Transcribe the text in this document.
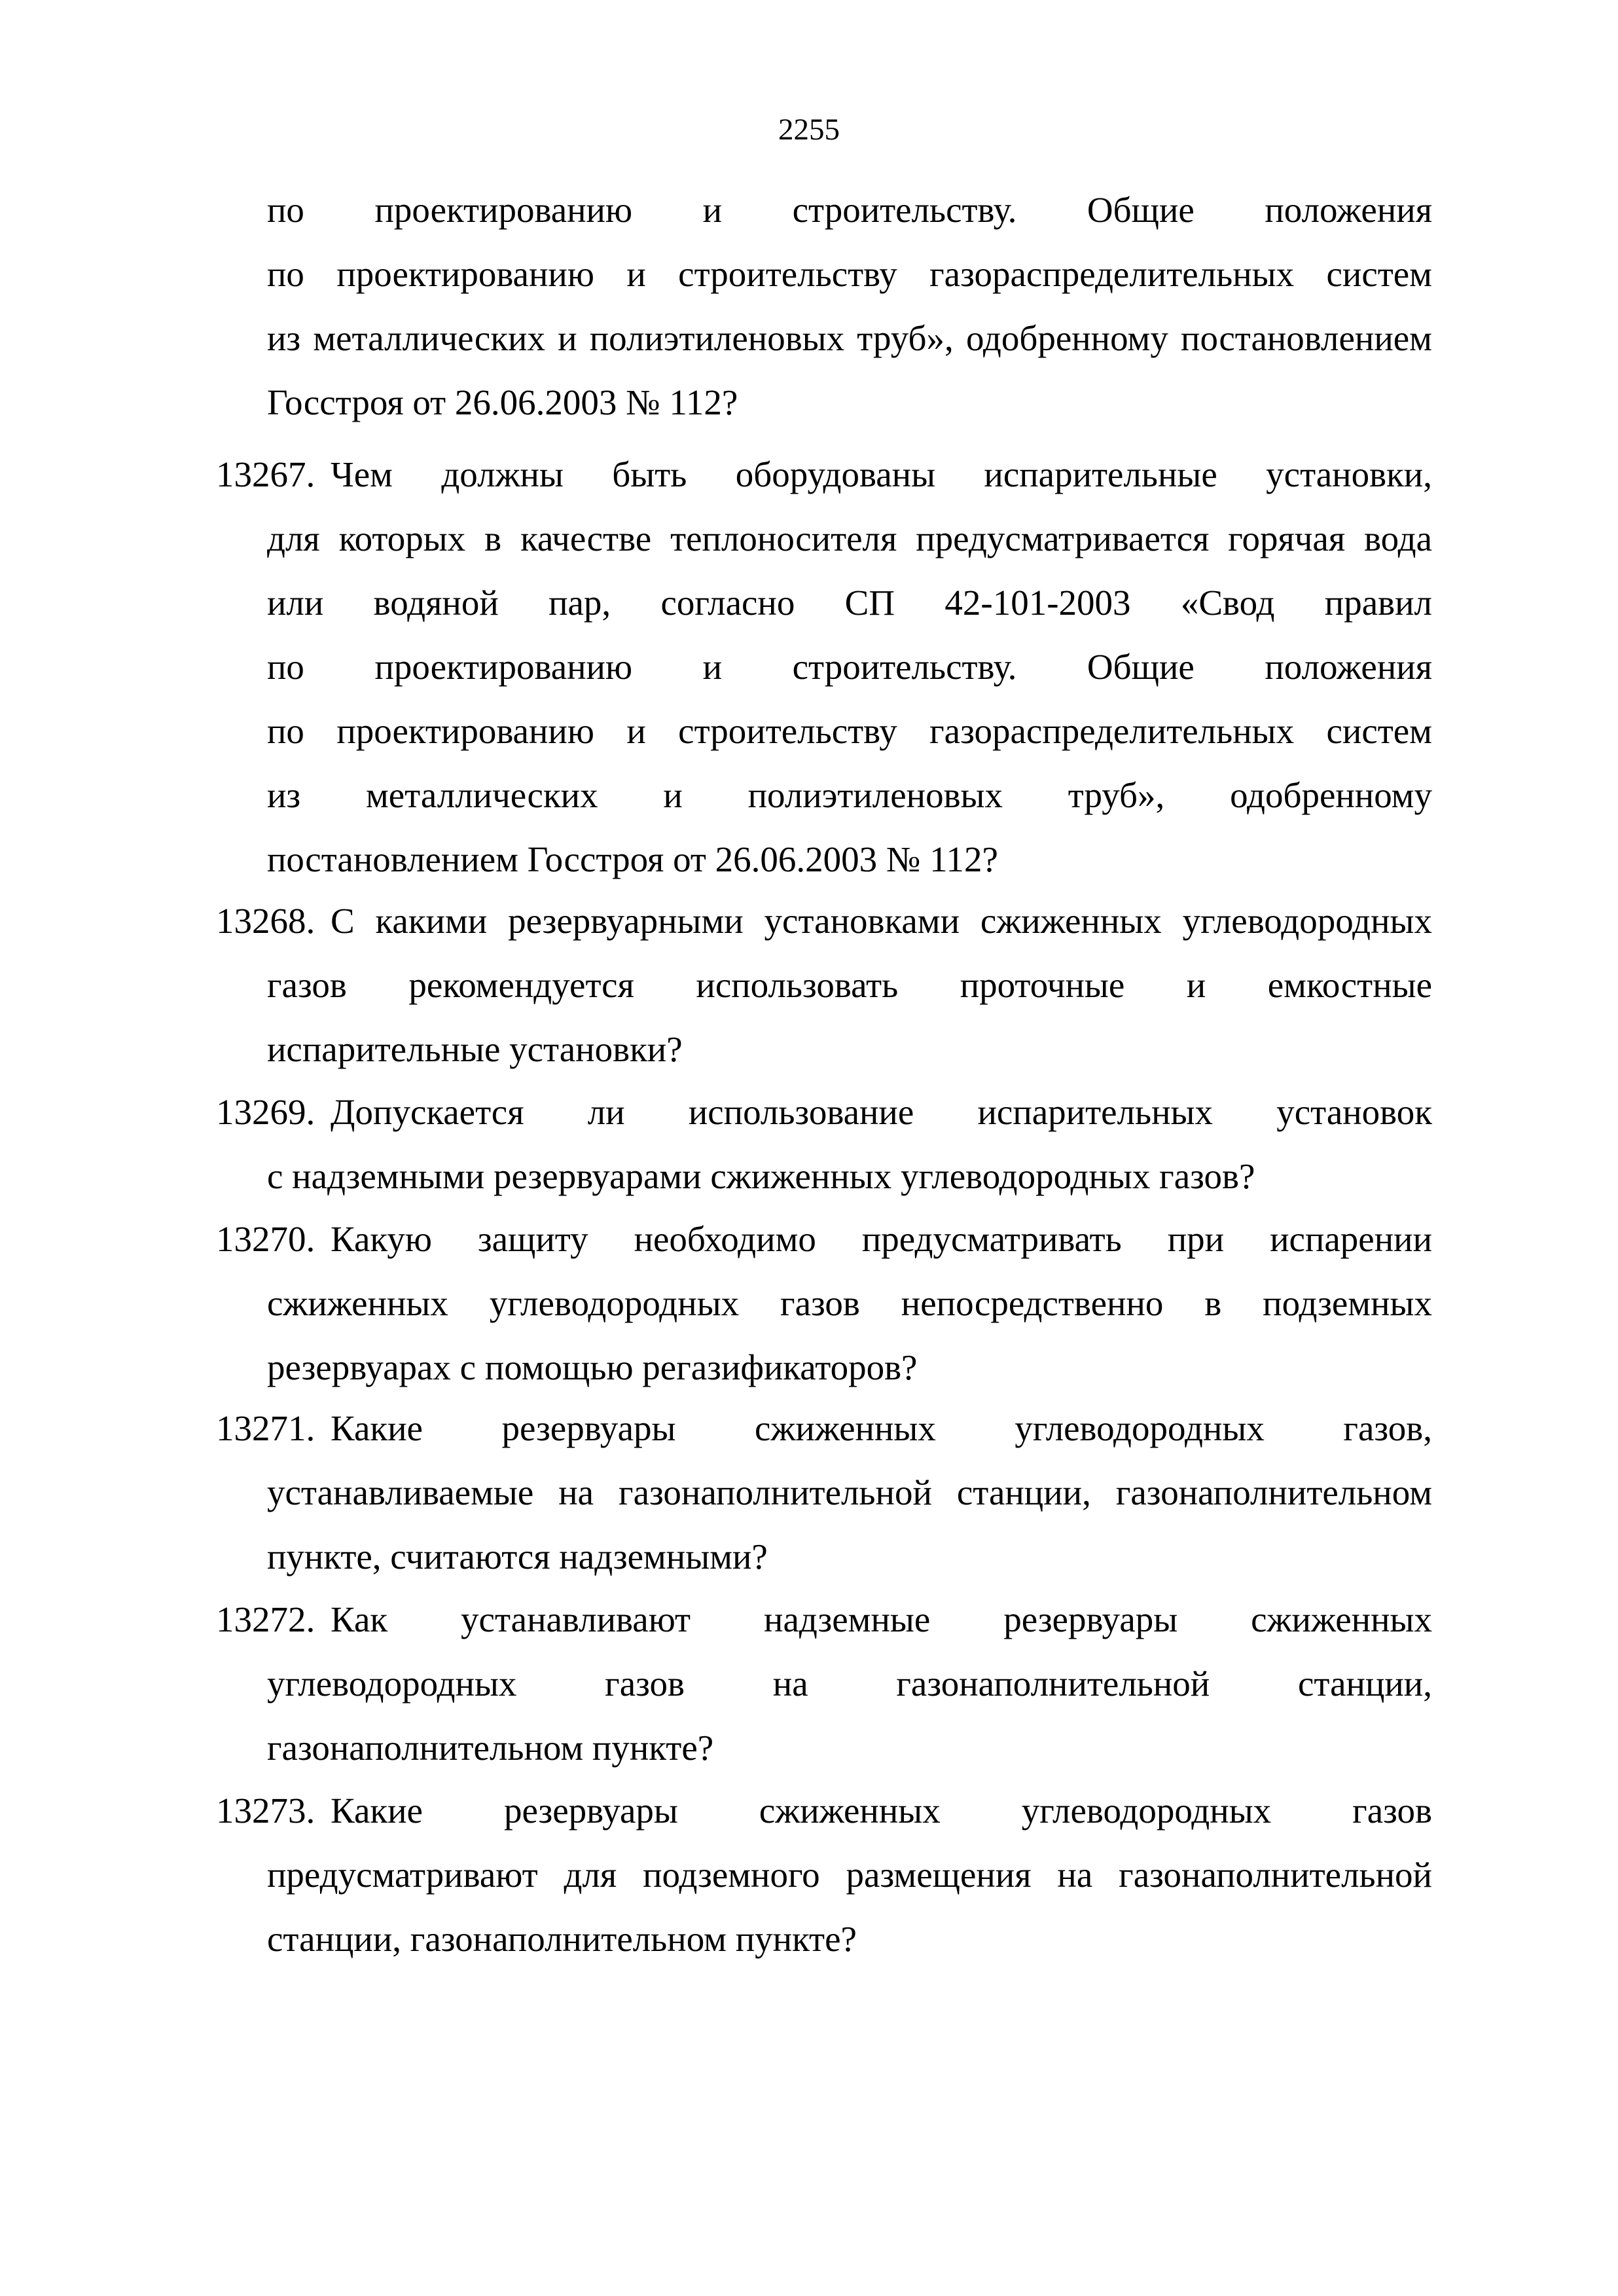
2255
по проектированию и строительству. Общие положения
по проектированию и строительству газораспределительных систем
из металлических и полиэтиленовых труб», одобренному постановлением
Госстроя от 26.06.2003 № 112?
13267. Чем должны быть оборудованы испарительные установки,
для которых в качестве теплоносителя предусматривается горячая вода
или водяной пар, согласно СП 42-101-2003 «Свод правил
по проектированию и строительству. Общие положения
по проектированию и строительству газораспределительных систем
из металлических и полиэтиленовых труб», одобренному
постановлением Госстроя от 26.06.2003 № 112?
13268. С какими резервуарными установками сжиженных углеводородных
газов рекомендуется использовать проточные и емкостные
испарительные установки?
13269. Допускается ли использование испарительных установок
с надземными резервуарами сжиженных углеводородных газов?
13270. Какую защиту необходимо предусматривать при испарении
сжиженных углеводородных газов непосредственно в подземных
резервуарах с помощью регазификаторов?
13271. Какие резервуары сжиженных углеводородных газов,
устанавливаемые на газонаполнительной станции, газонаполнительном
пункте, считаются надземными?
13272. Как устанавливают надземные резервуары сжиженных
углеводородных газов на газонаполнительной станции,
газонаполнительном пункте?
13273. Какие резервуары сжиженных углеводородных газов
предусматривают для подземного размещения на газонаполнительной
станции, газонаполнительном пункте?
